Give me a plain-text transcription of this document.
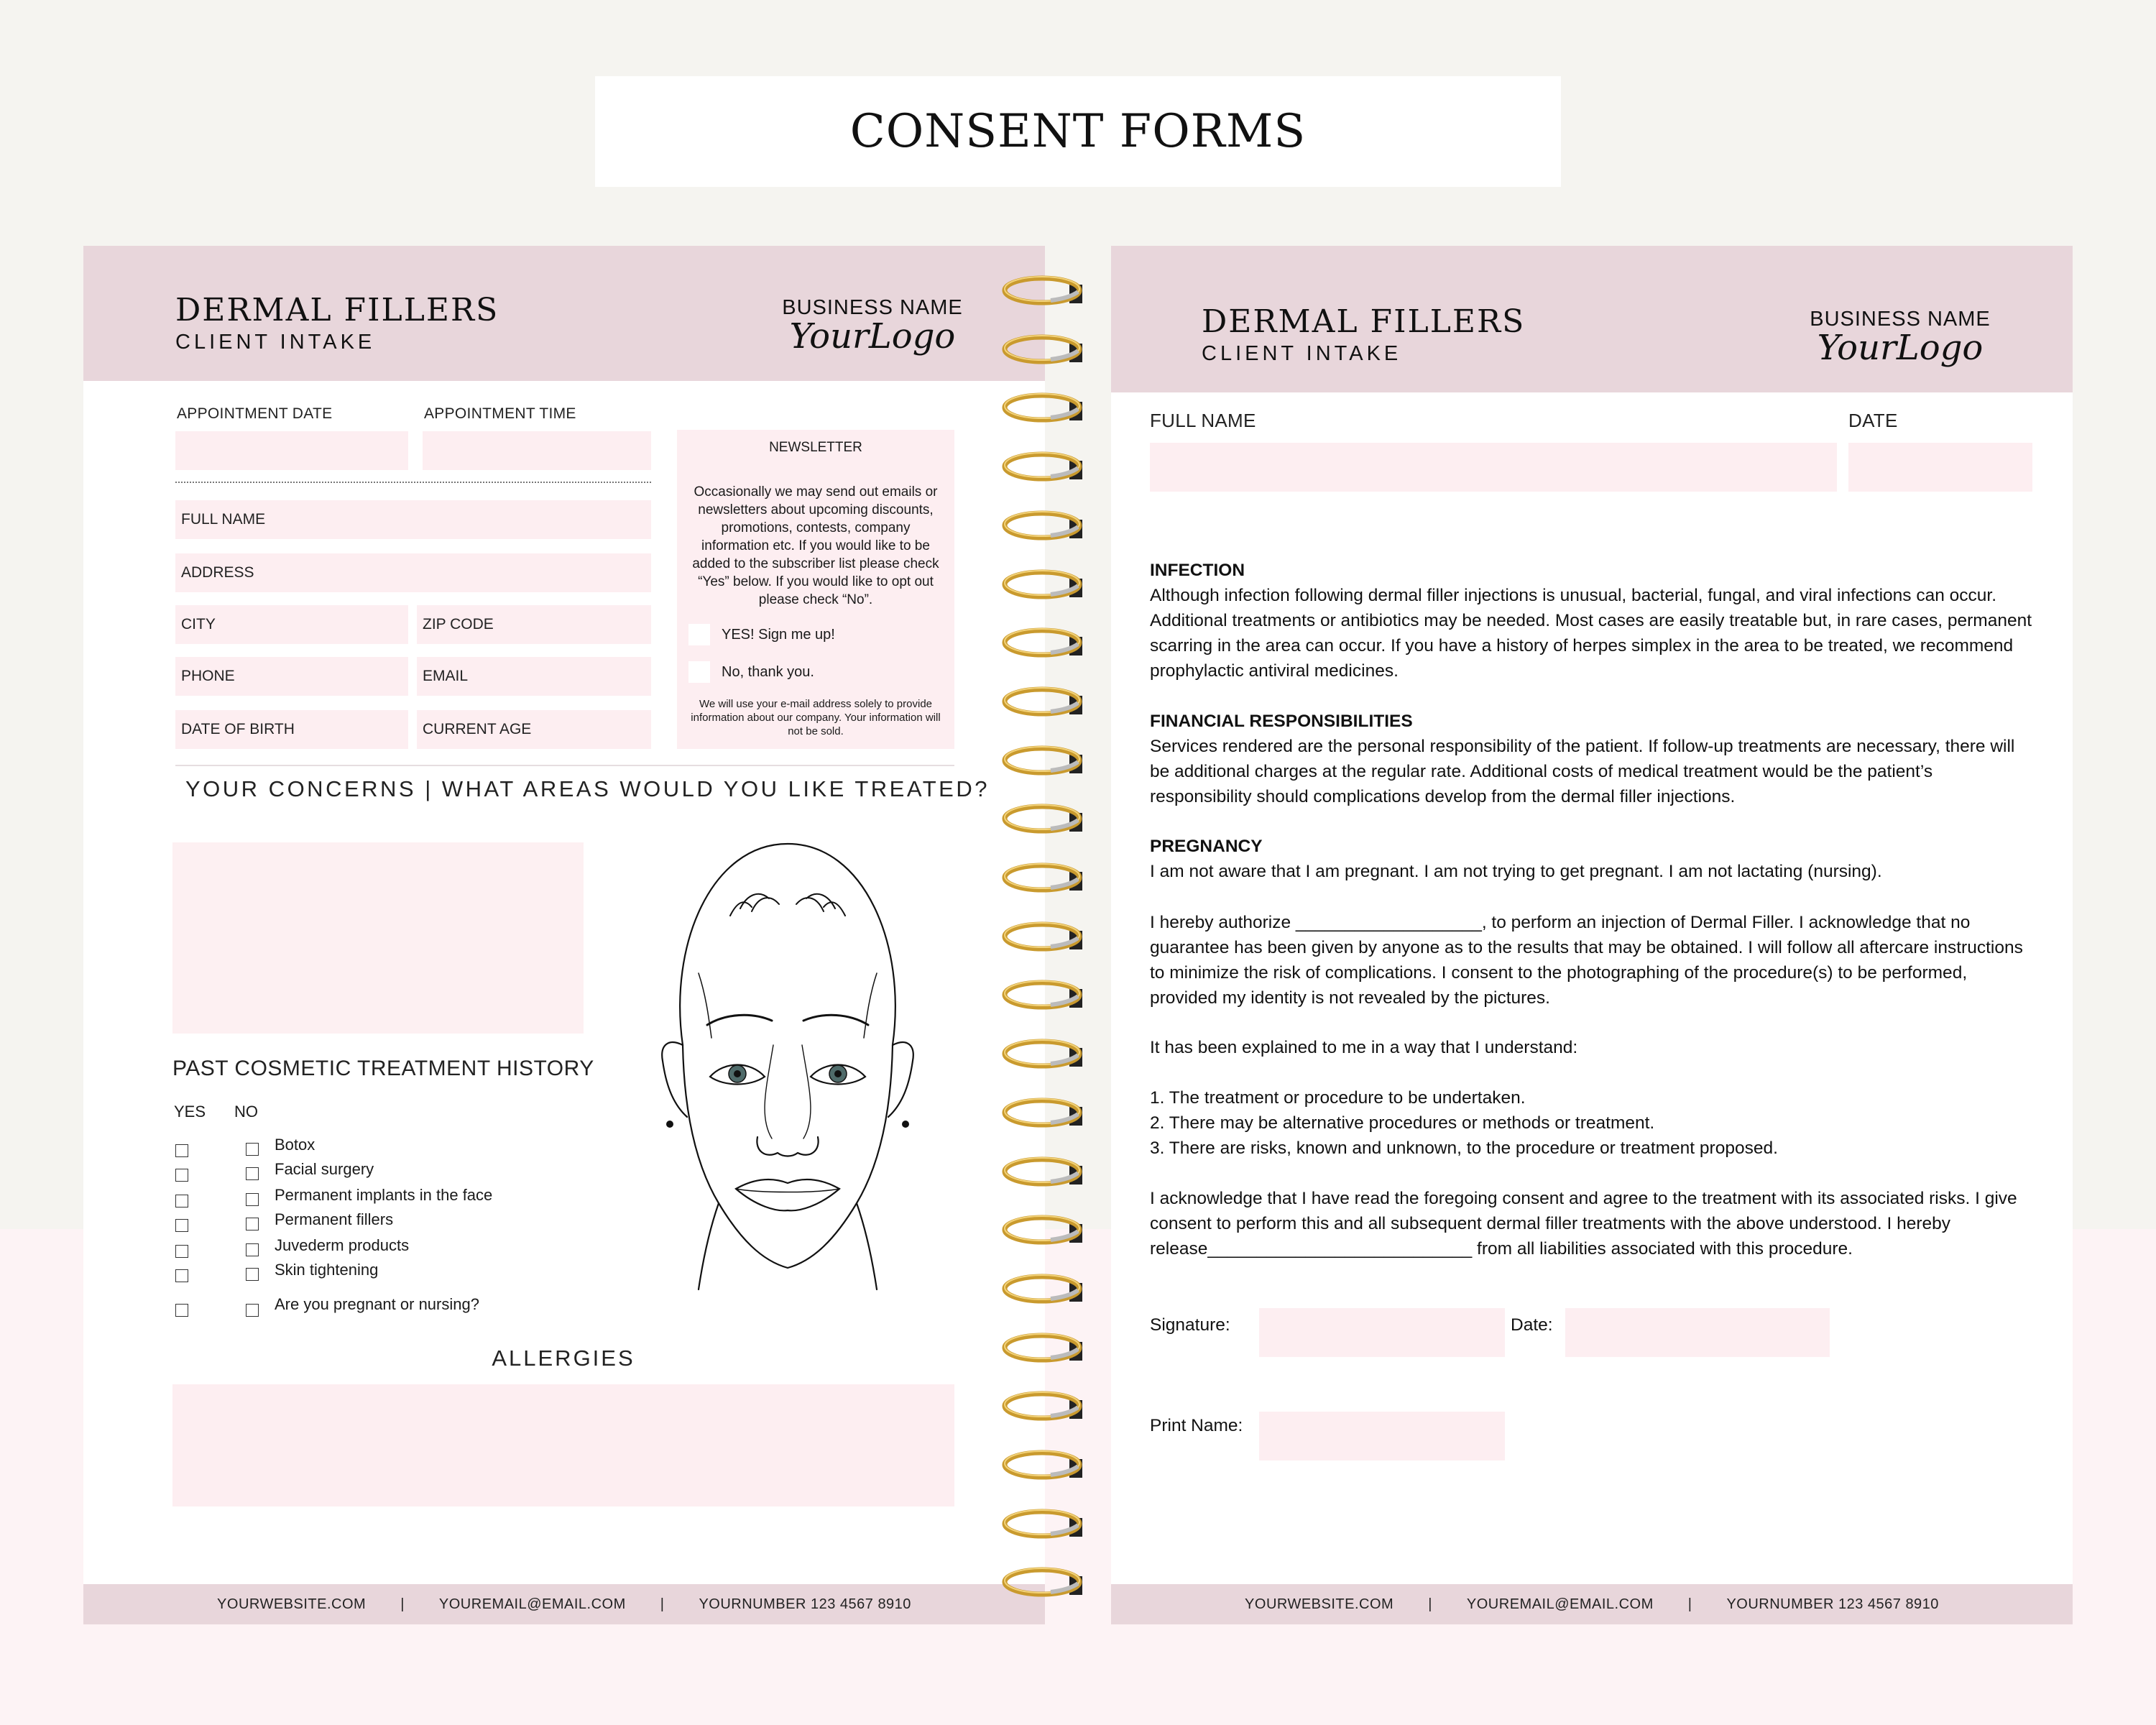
CONSENT FORMS
DERMAL FILLERS
CLIENT INTAKE
BUSINESS NAME
YourLogo
APPOINTMENT DATE	APPOINTMENT TIME
FULL NAME
ADDRESS
CITY	ZIP CODE
PHONE	EMAIL
DATE OF BIRTH	CURRENT AGE
NEWSLETTER
Occasionally we may send out emails or newsletters about upcoming discounts, promotions, contests, company information etc. If you would like to be added to the subscriber list please check “Yes” below. If you would like to opt out please check “No”.
YES! Sign me up!
No, thank you.
We will use your e-mail address solely to provide information about our company. Your information will not be sold.
YOUR CONCERNS | WHAT AREAS WOULD YOU LIKE TREATED?
PAST COSMETIC TREATMENT HISTORY
YES NO
Botox
Facial surgery
Permanent implants in the face
Permanent fillers
Juvederm products
Skin tightening
Are you pregnant or nursing?
ALLERGIES
YOURWEBSITE.COM	|	YOUREMAIL@EMAIL.COM	|	YOURNUMBER 123 4567 8910
DERMAL FILLERS
CLIENT INTAKE
BUSINESS NAME
YourLogo
FULL NAME	DATE
YOURWEBSITE.COM	|	YOUREMAIL@EMAIL.COM	|	YOURNUMBER 123 4567 8910
INFECTION
Although infection following dermal filler injections is unusual, bacterial, fungal, and viral infections can occur. Additional treatments or antibiotics may be needed. Most cases are easily treatable but, in rare cases, permanent scarring in the area can occur. If you have a history of herpes simplex in the area to be treated, we recommend prophylactic antiviral medicines.
FINANCIAL RESPONSIBILITIES
Services rendered are the personal responsibility of the patient. If follow-up treatments are necessary, there will be additional charges at the regular rate. Additional costs of medical treatment would be the patient’s responsibility should complications develop from the dermal filler injections.
PREGNANCY
I am not aware that I am pregnant. I am not trying to get pregnant. I am not lactating (nursing).
I hereby authorize ___________________, to perform an injection of Dermal Filler. I acknowledge that no guarantee has been given by anyone as to the results that may be obtained. I will follow all aftercare instructions to minimize the risk of complications. I consent to the photographing of the procedure(s) to be performed, provided my identity is not revealed by the pictures.
It has been explained to me in a way that I understand:
1. The treatment or procedure to be undertaken.
2. There may be alternative procedures or methods or treatment.
3. There are risks, known and unknown, to the procedure or treatment proposed.
I acknowledge that I have read the foregoing consent and agree to the treatment with its associated risks. I give consent to perform this and all subsequent dermal filler treatments with the above understood. I hereby release___________________________ from all liabilities associated with this procedure.
Signature:	Date:
Print Name:
